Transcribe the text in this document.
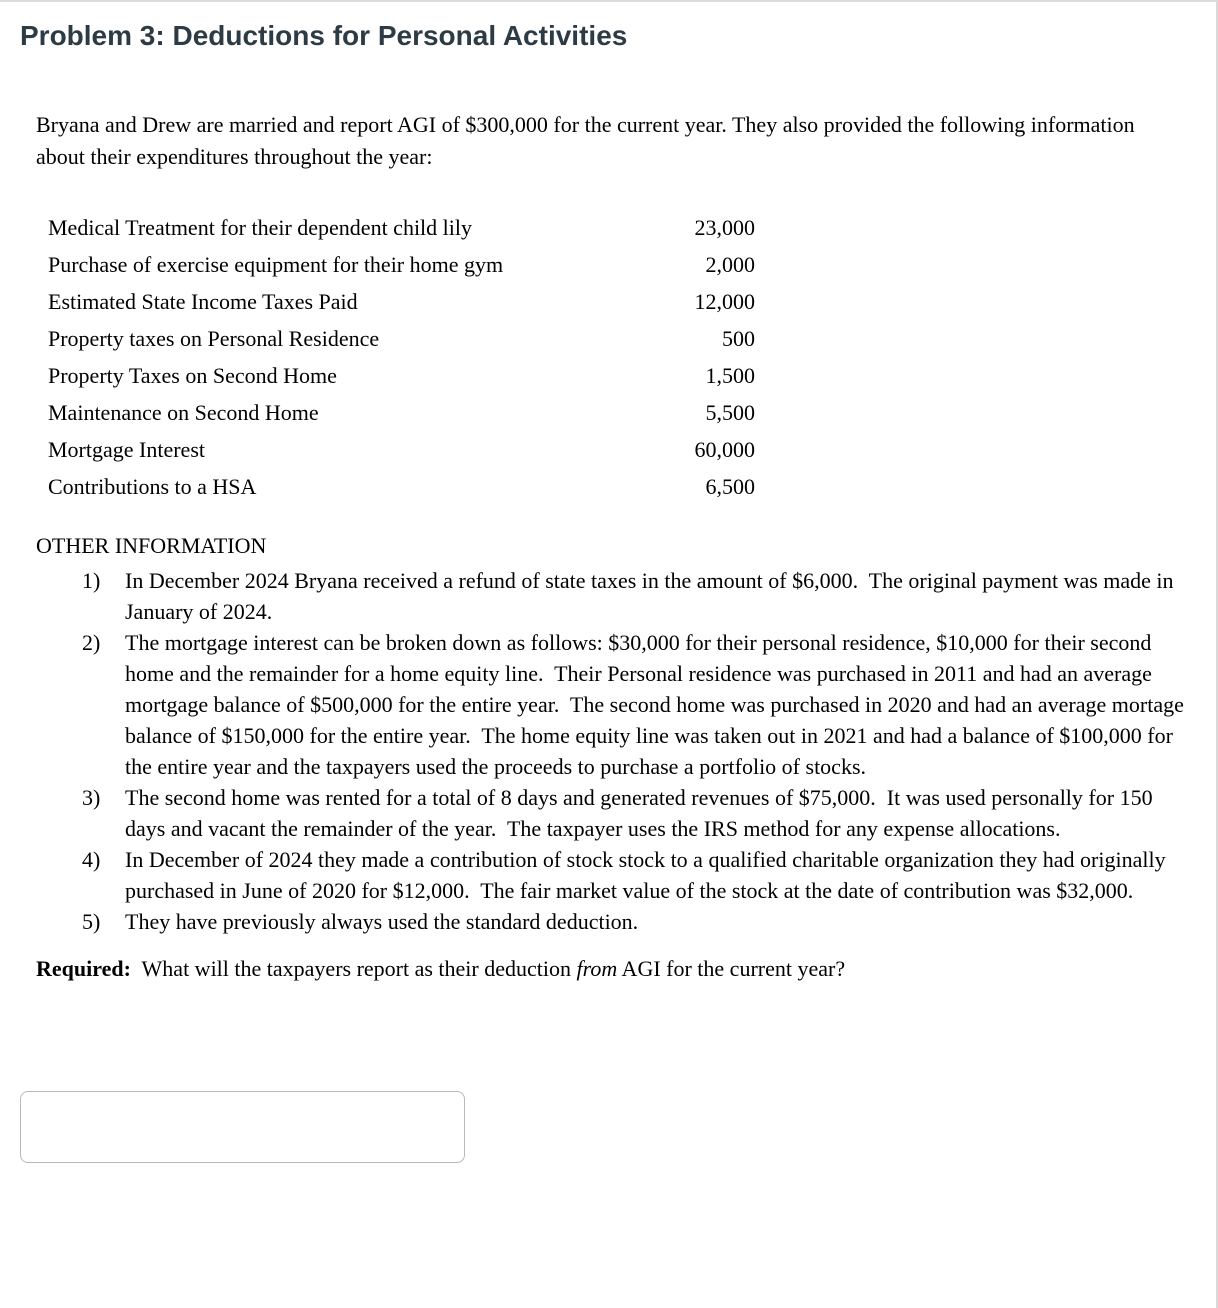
Problem 3: Deductions for Personal Activities

Bryana and Drew are married and report AGI of $300,000 for the current year. They also provided the following information about their expenditures throughout the year:

Medical Treatment for their dependent child lily	23,000
Purchase of exercise equipment for their home gym	2,000
Estimated State Income Taxes Paid	12,000
Property taxes on Personal Residence	500
Property Taxes on Second Home	1,500
Maintenance on Second Home	5,500
Mortgage Interest	60,000
Contributions to a HSA	6,500
OTHER INFORMATION
1)	In December 2024 Bryana received a refund of state taxes in the amount of $6,000.  The original payment was made in January of 2024.
2)	The mortgage interest can be broken down as follows: $30,000 for their personal residence, $10,000 for their second home and the remainder for a home equity line.  Their Personal residence was purchased in 2011 and had an average mortgage balance of $500,000 for the entire year.  The second home was purchased in 2020 and had an average mortage balance of $150,000 for the entire year.  The home equity line was taken out in 2021 and had a balance of $100,000 for the entire year and the taxpayers used the proceeds to purchase a portfolio of stocks.
3)	The second home was rented for a total of 8 days and generated revenues of $75,000.  It was used personally for 150 days and vacant the remainder of the year.  The taxpayer uses the IRS method for any expense allocations.
4)	In December of 2024 they made a contribution of stock stock to a qualified charitable organization they had originally purchased in June of 2020 for $12,000.  The fair market value of the stock at the date of contribution was $32,000.
5)	They have previously always used the standard deduction.

Required:  What will the taxpayers report as their deduction from AGI for the current year?
